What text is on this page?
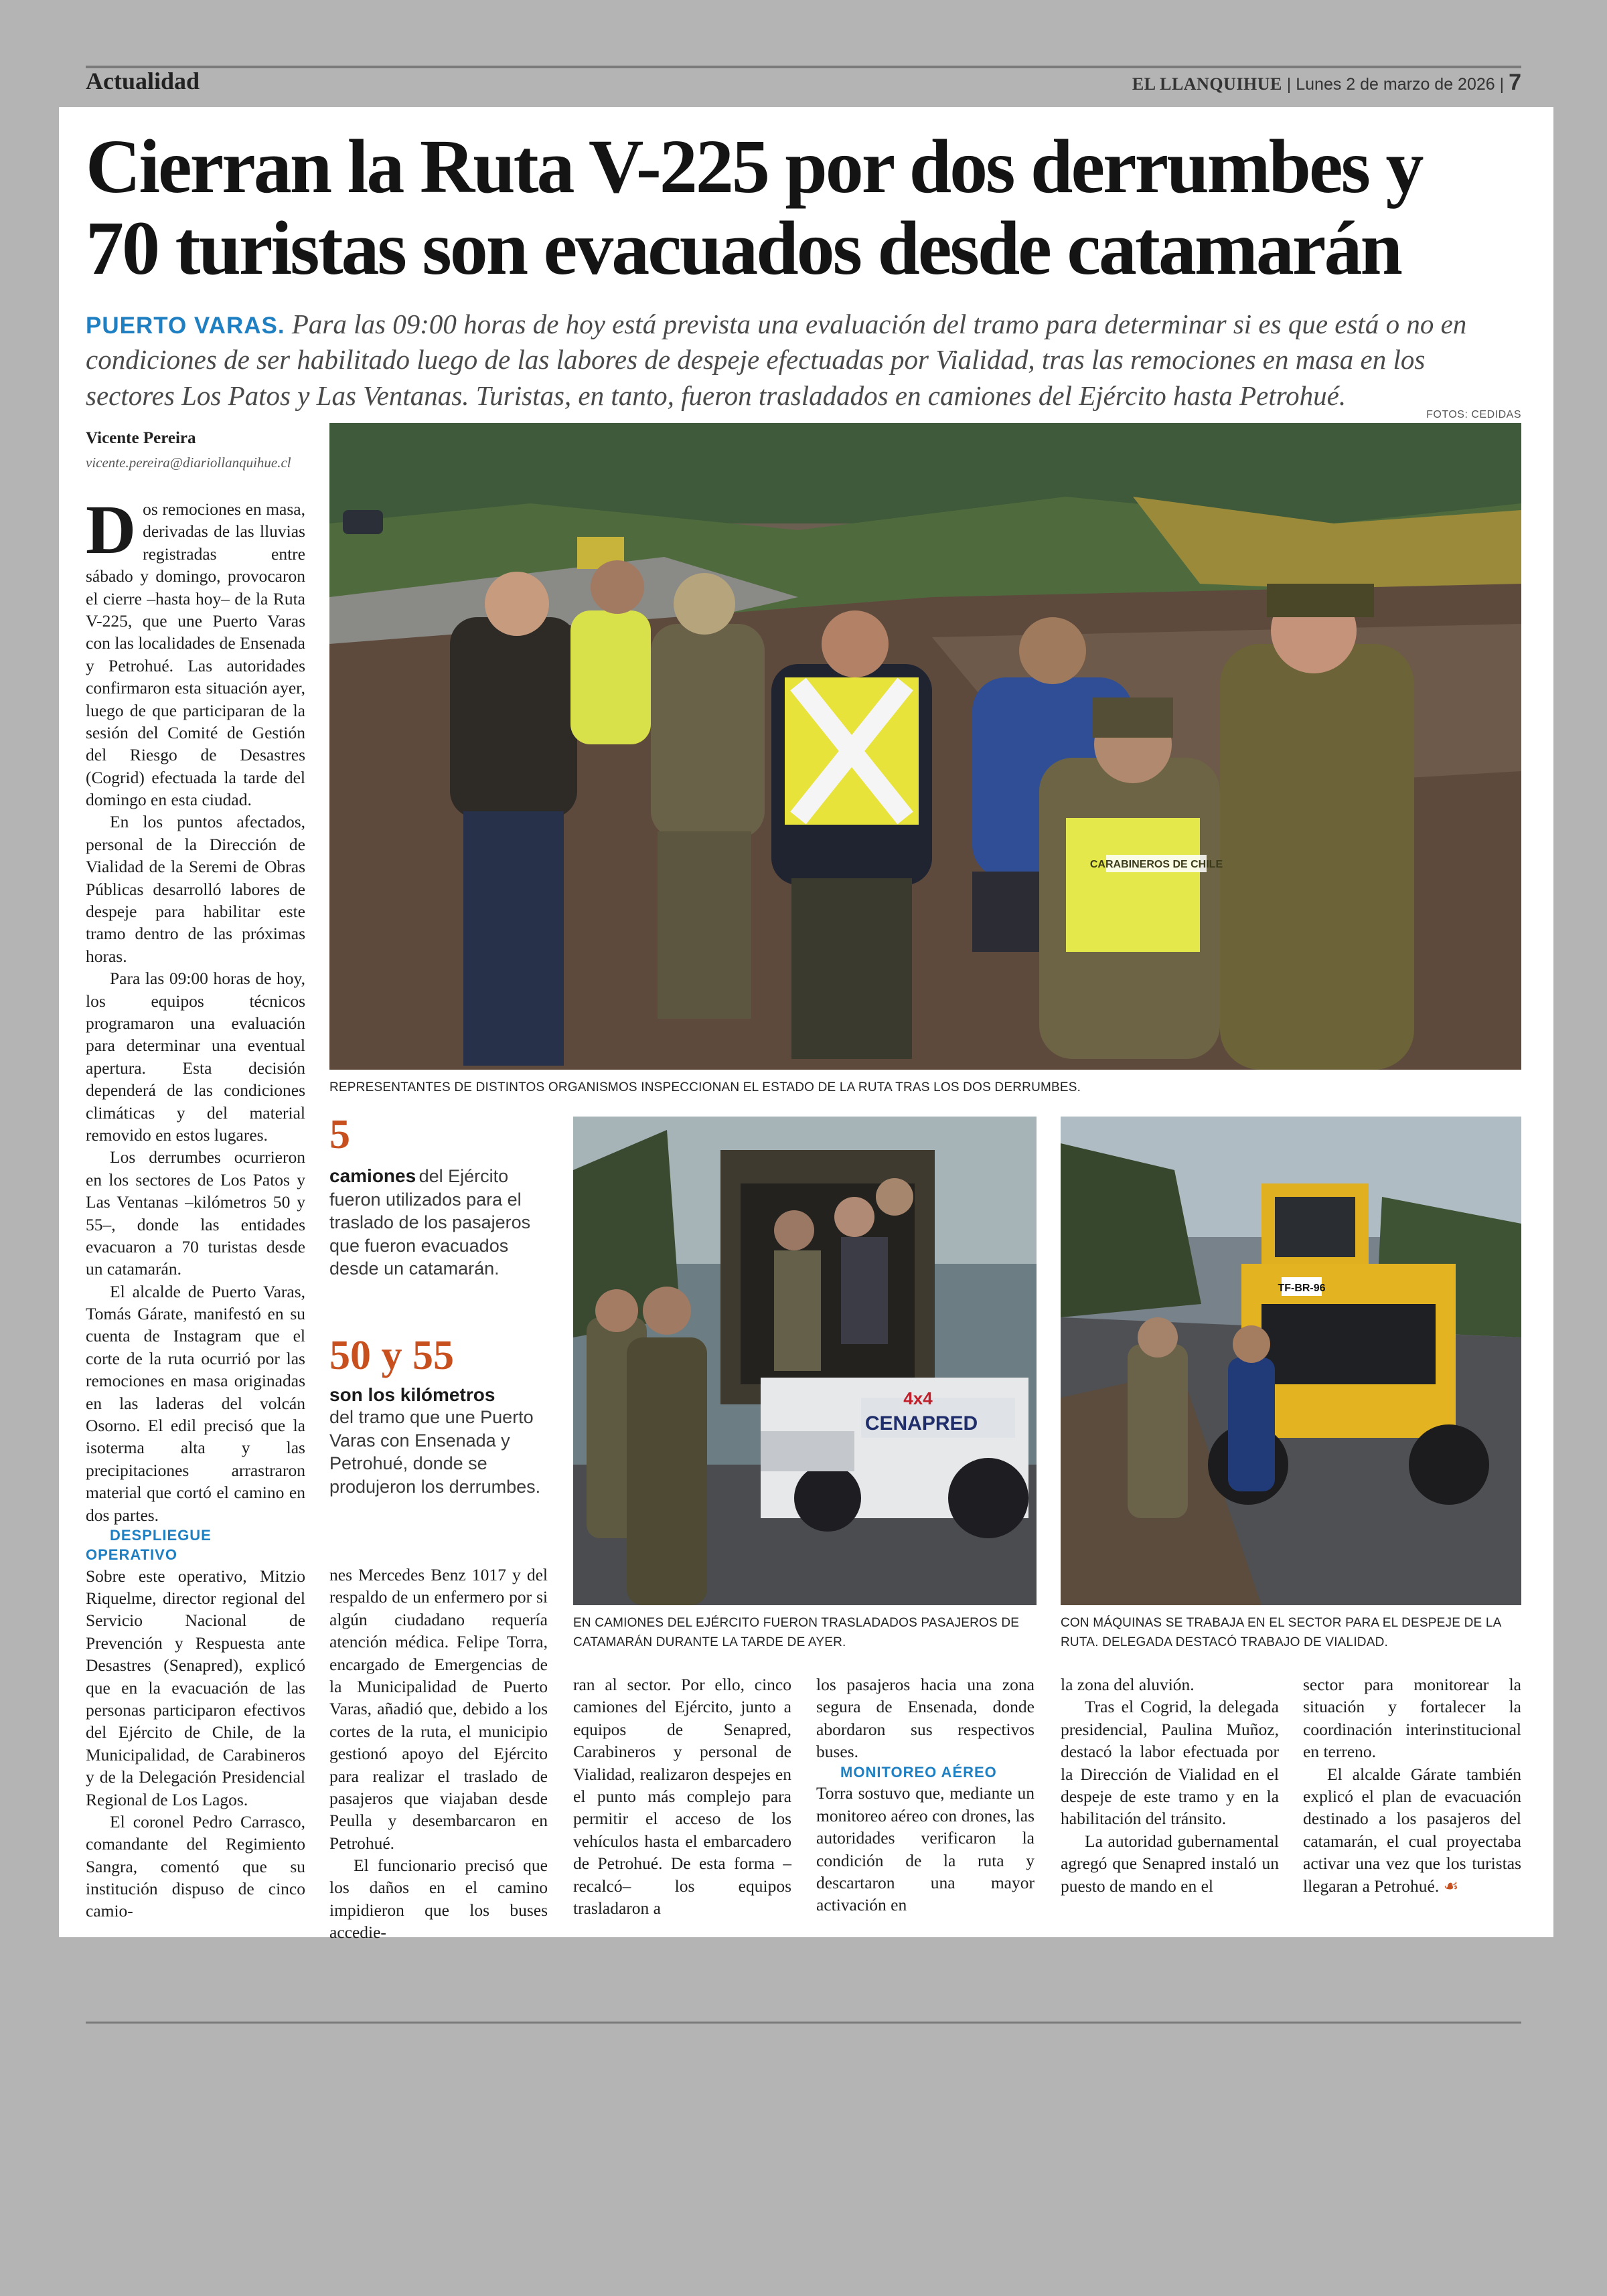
Actualidad	EL LLANQUIHUE | Lunes 2 de marzo de 2026 | 7
Cierran la Ruta V-225 por dos derrumbes y
70 turistas son evacuados desde catamarán

PUERTO VARAS. Para las 09:00 horas de hoy está prevista una evaluación del tramo para determinar si es que está o no en condiciones de ser habilitado luego de las labores de despeje efectuadas por Vialidad, tras las remociones en masa en los sectores Los Patos y Las Ventanas. Turistas, en tanto, fueron trasladados en camiones del Ejército hasta Petrohué.

FOTOS: CEDIDAS
Vicente Pereira
vicente.pereira@diariollanquihue.cl
CARABINEROS DE CHILE
REPRESENTANTES DE DISTINTOS ORGANISMOS INSPECCIONAN EL ESTADO DE LA RUTA TRAS LOS DOS DERRUMBES.
4x4
CENAPRED
EN CAMIONES DEL EJÉRCITO FUERON TRASLADADOS PASAJEROS DE CATAMARÁN DURANTE LA TARDE DE AYER.
TF-BR-96
CON MÁQUINAS SE TRABAJA EN EL SECTOR PARA EL DESPEJE DE LA RUTA. DELEGADA DESTACÓ TRABAJO DE VIALIDAD.
5
camiones del Ejército fueron utilizados para el traslado de los pasajeros que fueron evacuados desde un catamarán.
50 y 55
son los kilómetros
del tramo que une Puerto Varas con Ensenada y Petrohué, donde se produjeron los derrumbes.

Dos remociones en masa, derivadas de las lluvias registradas entre sábado y domingo, provocaron el cierre –hasta hoy– de la Ruta V-225, que une Puerto Varas con las localidades de Ensenada y Petrohué. Las autoridades confirmaron esta situación ayer, luego de que participaran de la sesión del Comité de Gestión del Riesgo de Desastres (Cogrid) efectuada la tarde del domingo en esta ciudad.

En los puntos afectados, personal de la Dirección de Vialidad de la Seremi de Obras Públicas desarrolló labores de despeje para habilitar este tramo dentro de las próximas horas.

Para las 09:00 horas de hoy, los equipos técnicos programaron una evaluación para determinar una eventual apertura. Esta decisión dependerá de las condiciones climáticas y del material removido en estos lugares.

Los derrumbes ocurrieron en los sectores de Los Patos y Las Ventanas –kilómetros 50 y 55–, donde las entidades evacuaron a 70 turistas desde un catamarán.

El alcalde de Puerto Varas, Tomás Gárate, manifestó en su cuenta de Instagram que el corte de la ruta ocurrió por las remociones en masa originadas en las laderas del volcán Osorno. El edil precisó que la isoterma alta y las precipitaciones arrastraron material que cortó el camino en dos partes.

DESPLIEGUE OPERATIVO

Sobre este operativo, Mitzio Riquelme, director regional del Servicio Nacional de Prevención y Respuesta ante Desastres (Senapred), explicó que en la evacuación de las personas participaron efectivos del Ejército de Chile, de la Municipalidad, de Carabineros y de la Delegación Presidencial Regional de Los Lagos.

El coronel Pedro Carrasco, comandante del Regimiento Sangra, comentó que su institución dispuso de cinco camio-

nes Mercedes Benz 1017 y del respaldo de un enfermero por si algún ciudadano requería atención médica. Felipe Torra, encargado de Emergencias de la Municipalidad de Puerto Varas, añadió que, debido a los cortes de la ruta, el municipio gestionó apoyo del Ejército para realizar el traslado de pasajeros que viajaban desde Peulla y desembarcaron en Petrohué.

El funcionario precisó que los daños en el camino impidieron que los buses accedie-

ran al sector. Por ello, cinco camiones del Ejército, junto a equipos de Senapred, Carabineros y personal de Vialidad, realizaron despejes en el punto más complejo para permitir el acceso de los vehículos hasta el embarcadero de Petrohué. De esta forma –recalcó– los equipos trasladaron a

los pasajeros hacia una zona segura de Ensenada, donde abordaron sus respectivos buses.

MONITOREO AÉREO

Torra sostuvo que, mediante un monitoreo aéreo con drones, las autoridades verificaron la condición de la ruta y descartaron una mayor activación en

la zona del aluvión.

Tras el Cogrid, la delegada presidencial, Paulina Muñoz, destacó la labor efectuada por la Dirección de Vialidad en el despeje de este tramo y en la habilitación del tránsito.

La autoridad gubernamental agregó que Senapred instaló un puesto de mando en el

sector para monitorear la situación y fortalecer la coordinación interinstitucional en terreno.

El alcalde Gárate también explicó el plan de evacuación destinado a los pasajeros del catamarán, el cual proyectaba activar una vez que los turistas llegaran a Petrohué. ☙
